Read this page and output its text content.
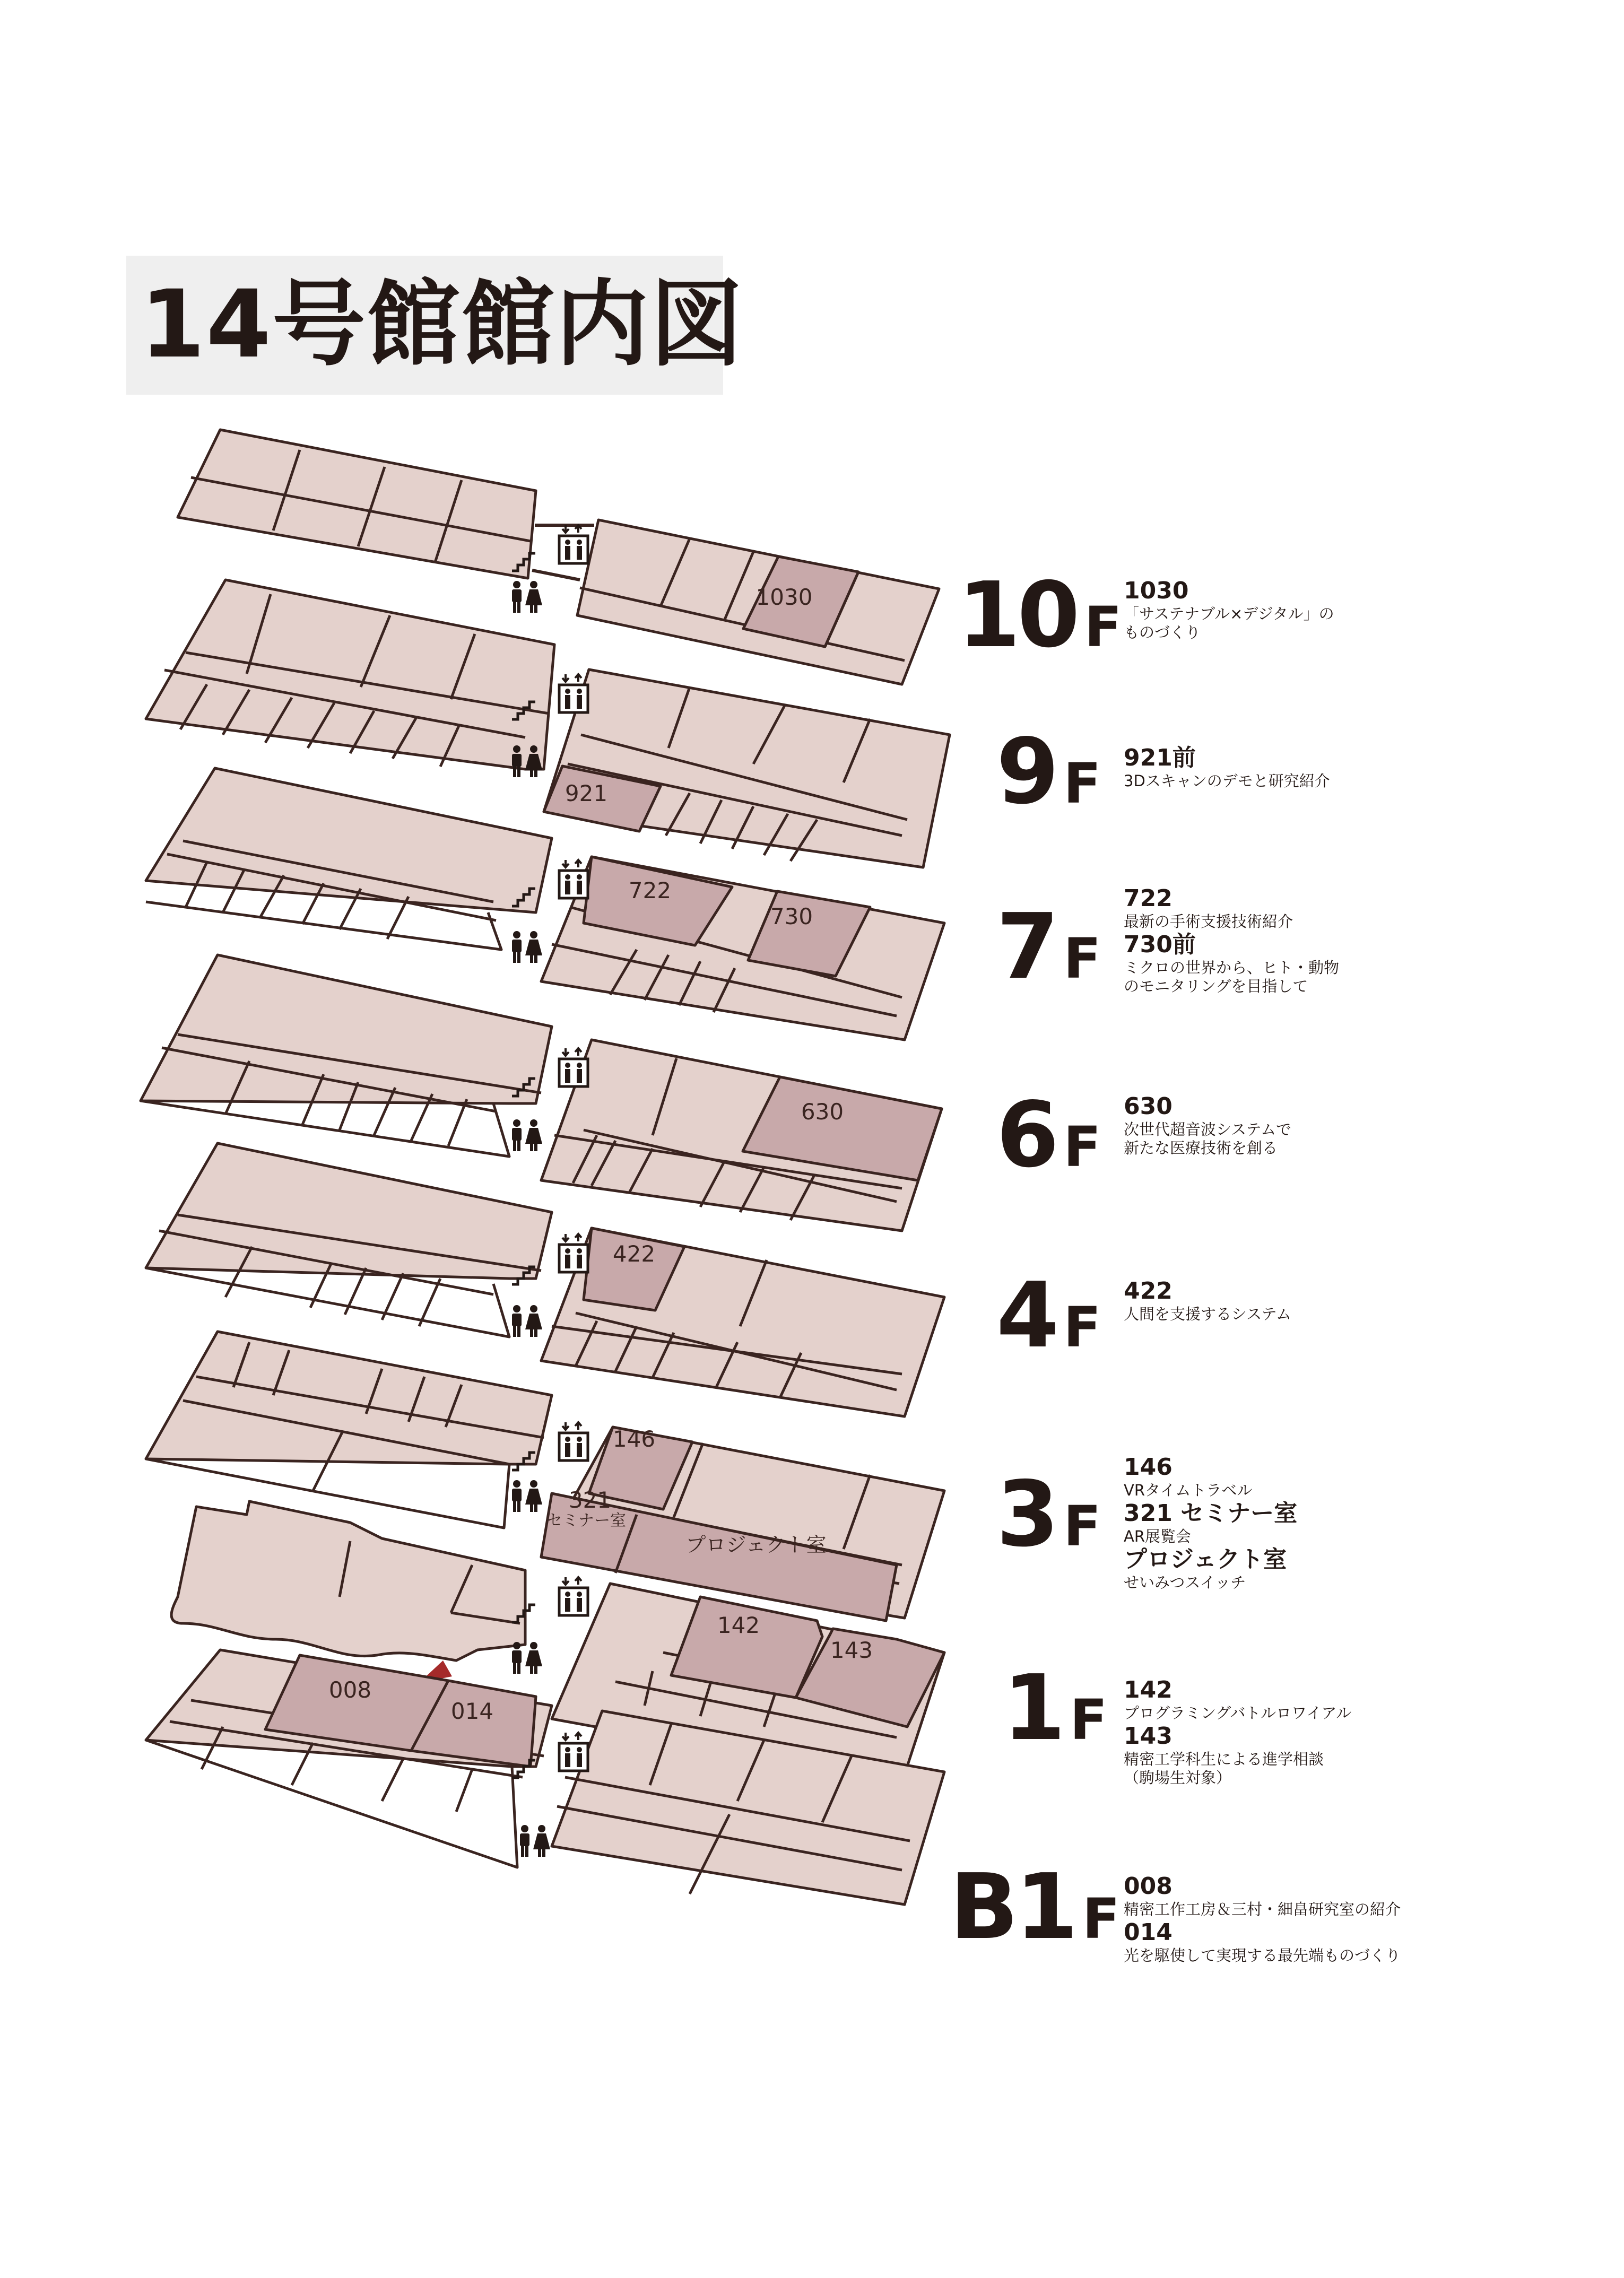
14号館館内図
1030
921
722
730
630
422
146
321
セミナー室
プロジェクト室
142
143
008
014
10 F
9 F
7 F
6 F
4 F
3 F
1 F
B1 F
1030
「サステナブル×デジタル」の
ものづくり
921前
3Dスキャンのデモと研究紹介
722
最新の手術支援技術紹介
730前
ミクロの世界から、ヒト・動物
のモニタリングを目指して
630
次世代超音波システムで
新たな医療技術を創る
422
人間を支援するシステム
146
VRタイムトラベル
321 セミナー室
AR展覧会
プロジェクト室
せいみつスイッチ
142
プログラミングバトルロワイアル
143
精密工学科生による進学相談
（駒場生対象）
008
精密工作工房＆三村・細畠研究室の紹介
014
光を駆使して実現する最先端ものづくり
